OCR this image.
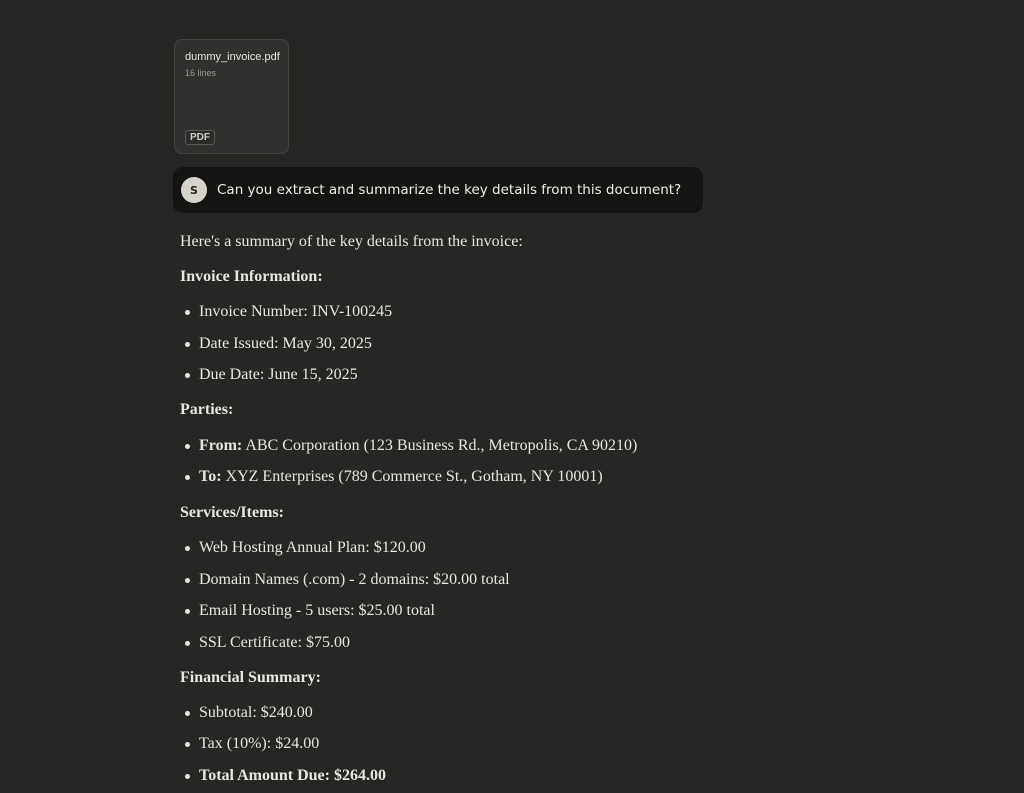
dummy_invoice.pdf
16 lines
PDF
S	Can you extract and summarize the key details from this document?

Here's a summary of the key details from the invoice:

Invoice Information:

Invoice Number: INV-100245
Date Issued: May 30, 2025
Due Date: June 15, 2025

Parties:

From: ABC Corporation (123 Business Rd., Metropolis, CA 90210)
To: XYZ Enterprises (789 Commerce St., Gotham, NY 10001)

Services/Items:

Web Hosting Annual Plan: $120.00
Domain Names (.com) - 2 domains: $20.00 total
Email Hosting - 5 users: $25.00 total
SSL Certificate: $75.00

Financial Summary:

Subtotal: $240.00
Tax (10%): $24.00
Total Amount Due: $264.00
